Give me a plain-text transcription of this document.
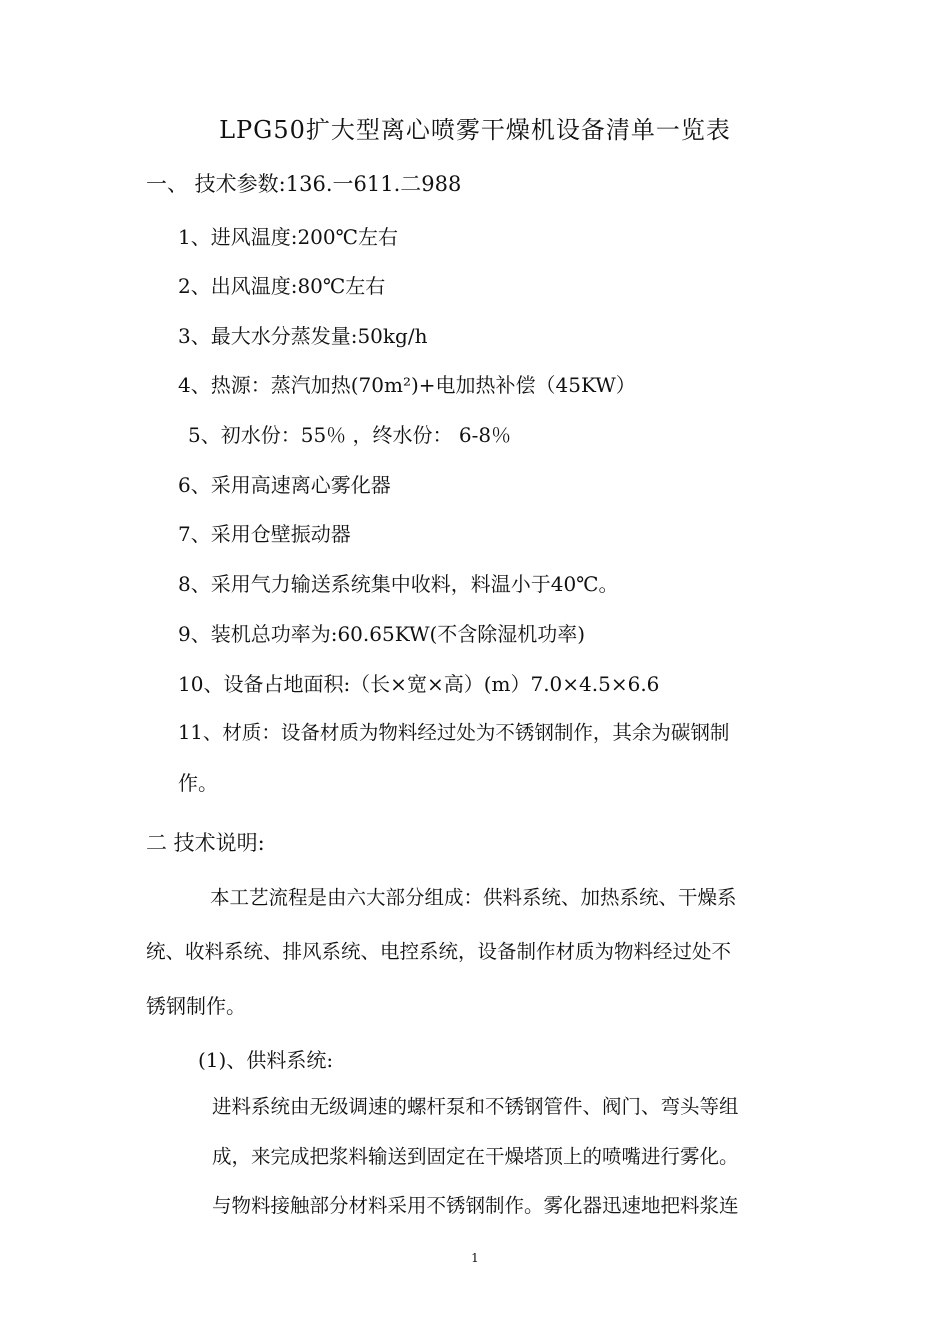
LPG50扩大型离心喷雾干燥机设备清单一览表
一、 技术参数:136.一611.二988
1、进风温度:200℃左右
2、出风温度:80℃左右
3、最大水分蒸发量:50kg/h
4、热源：蒸汽加热(70m²)+电加热补偿（45KW）
5、初水份：55％ ，终水份： 6-8％
6、采用高速离心雾化器
7、采用仓壁振动器
8、采用气力输送系统集中收料，料温小于40℃。
9、装机总功率为:60.65KW(不含除湿机功率)
10、设备占地面积:（长×宽×高）(m）7.0×4.5×6.6
11、材质：设备材质为物料经过处为不锈钢制作，其余为碳钢制
作。
二 技术说明:
本工艺流程是由六大部分组成：供料系统、加热系统、干燥系
统、收料系统、排风系统、电控系统，设备制作材质为物料经过处不
锈钢制作。
(1)、供料系统:
进料系统由无级调速的螺杆泵和不锈钢管件、阀门、弯头等组
成，来完成把浆料输送到固定在干燥塔顶上的喷嘴进行雾化。
与物料接触部分材料采用不锈钢制作。雾化器迅速地把料浆连
1
